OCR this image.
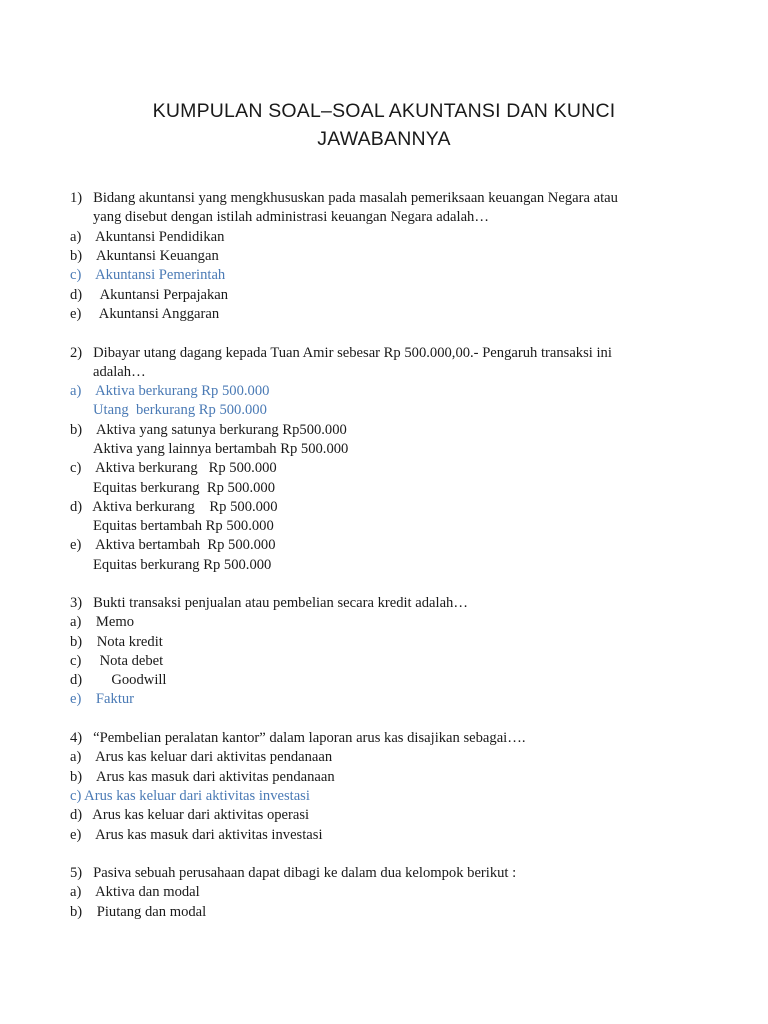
KUMPULAN SOAL–SOAL AKUNTANSI DAN KUNCI
JAWABANNYA
1)   Bidang akuntansi yang mengkhususkan pada masalah pemeriksaan keuangan Negara atau
yang disebut dengan istilah administrasi keuangan Negara adalah…
a)    Akuntansi Pendidikan
b)    Akuntansi Keuangan
c)    Akuntansi Pemerintah
d)     Akuntansi Perpajakan
e)     Akuntansi Anggaran
2)   Dibayar utang dagang kepada Tuan Amir sebesar Rp 500.000,00.- Pengaruh transaksi ini
adalah…
a)    Aktiva berkurang Rp 500.000
Utang  berkurang Rp 500.000
b)    Aktiva yang satunya berkurang Rp500.000
Aktiva yang lainnya bertambah Rp 500.000
c)    Aktiva berkurang   Rp 500.000
Equitas berkurang  Rp 500.000
d)   Aktiva berkurang    Rp 500.000
Equitas bertambah Rp 500.000
e)    Aktiva bertambah  Rp 500.000
Equitas berkurang Rp 500.000
3)   Bukti transaksi penjualan atau pembelian secara kredit adalah…
a)    Memo
b)    Nota kredit
c)     Nota debet
d)        Goodwill
e)    Faktur
4)   “Pembelian peralatan kantor” dalam laporan arus kas disajikan sebagai….
a)    Arus kas keluar dari aktivitas pendanaan
b)    Arus kas masuk dari aktivitas pendanaan
c) Arus kas keluar dari aktivitas investasi
d)   Arus kas keluar dari aktivitas operasi
e)    Arus kas masuk dari aktivitas investasi
5)   Pasiva sebuah perusahaan dapat dibagi ke dalam dua kelompok berikut :
a)    Aktiva dan modal
b)    Piutang dan modal
